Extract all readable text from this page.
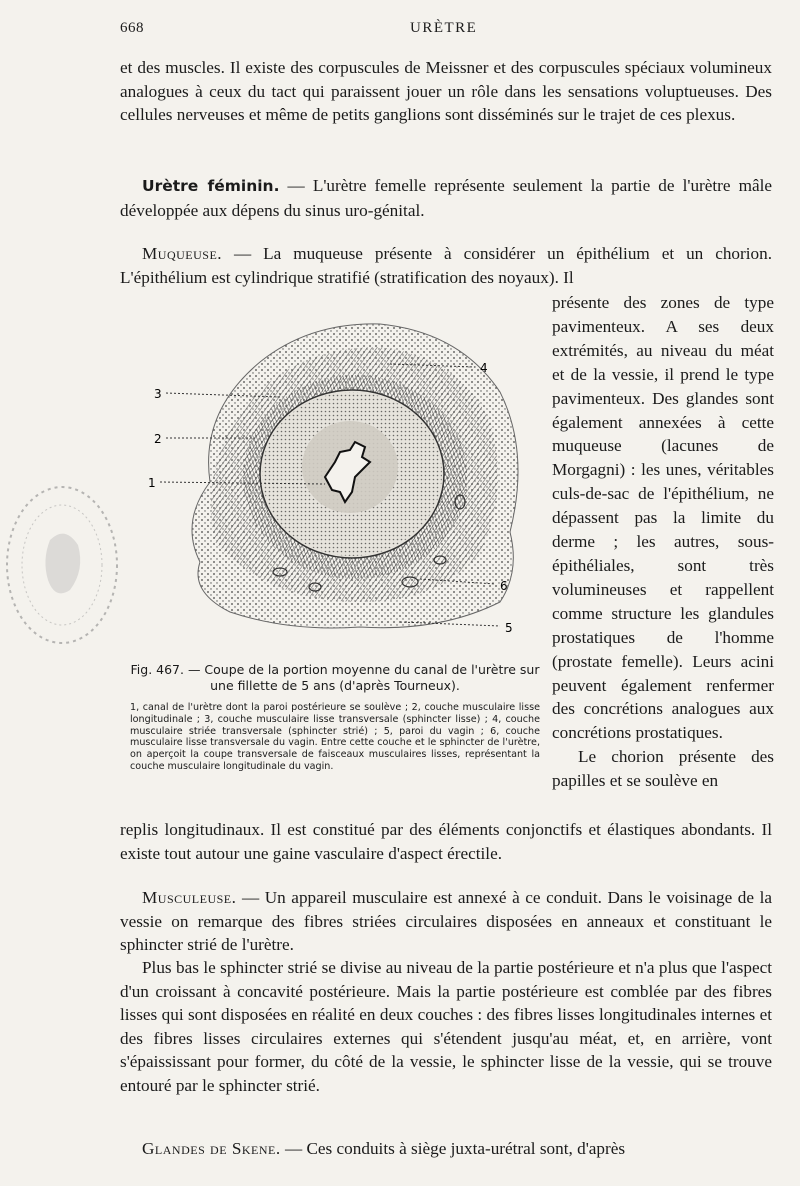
668	URÈTRE

et des muscles. Il existe des corpuscules de Meissner et des corpuscules spéciaux volumineux analogues à ceux du tact qui paraissent jouer un rôle dans les sensations voluptueuses. Des cellules nerveuses et même de petits ganglions sont disséminés sur le trajet de ces plexus.

Urètre féminin. — L'urètre femelle représente seulement la partie de l'urètre mâle développée aux dépens du sinus uro-génital.

Muqueuse. — La muqueuse présente à considérer un épithélium et un chorion. L'épithélium est cylindrique stratifié (stratification des noyaux). Il

présente des zones de type pavimenteux. A ses deux extrémités, au niveau du méat et de la vessie, il prend le type pavimenteux. Des glandes sont également annexées à cette muqueuse (lacunes de Morgagni) : les unes, véritables culs-de-sac de l'épithélium, ne dépassent pas la limite du derme ; les autres, sous-épithéliales, sont très volumineuses et rappellent comme structure les glandules prostatiques de l'homme (prostate femelle). Leurs acini peuvent également renfermer des concrétions analogues aux concrétions prostatiques.
Le chorion présente des papilles et se soulève en

replis longitudinaux. Il est constitué par des éléments conjonctifs et élastiques abondants. Il existe tout autour une gaine vasculaire d'aspect érectile.

Musculeuse. — Un appareil musculaire est annexé à ce conduit. Dans le voisinage de la vessie on remarque des fibres striées circulaires disposées en anneaux et constituant le sphincter strié de l'urètre.

Plus bas le sphincter strié se divise au niveau de la partie postérieure et n'a plus que l'aspect d'un croissant à concavité postérieure. Mais la partie postérieure est comblée par des fibres lisses qui sont disposées en réalité en deux couches : des fibres lisses longitudinales internes et des fibres lisses circulaires externes qui s'étendent jusqu'au méat, et, en arrière, vont s'épaississant pour former, du côté de la vessie, le sphincter lisse de la vessie, qui se trouve entouré par le sphincter strié.

Glandes de Skene. — Ces conduits à siège juxta-urétral sont, d'après

3
2
1
4
6
5

Fig. 467. — Coupe de la portion moyenne du canal de l'urètre sur une fillette de 5 ans (d'après Tourneux).

1, canal de l'urètre dont la paroi postérieure se soulève ; 2, couche musculaire lisse longitudinale ; 3, couche musculaire lisse transversale (sphincter lisse) ; 4, couche musculaire striée transversale (sphincter strié) ; 5, paroi du vagin ; 6, couche musculaire lisse transversale du vagin. Entre cette couche et le sphincter de l'urètre, on aperçoit la coupe transversale de faisceaux musculaires lisses, représentant la couche musculaire longitudinale du vagin.
